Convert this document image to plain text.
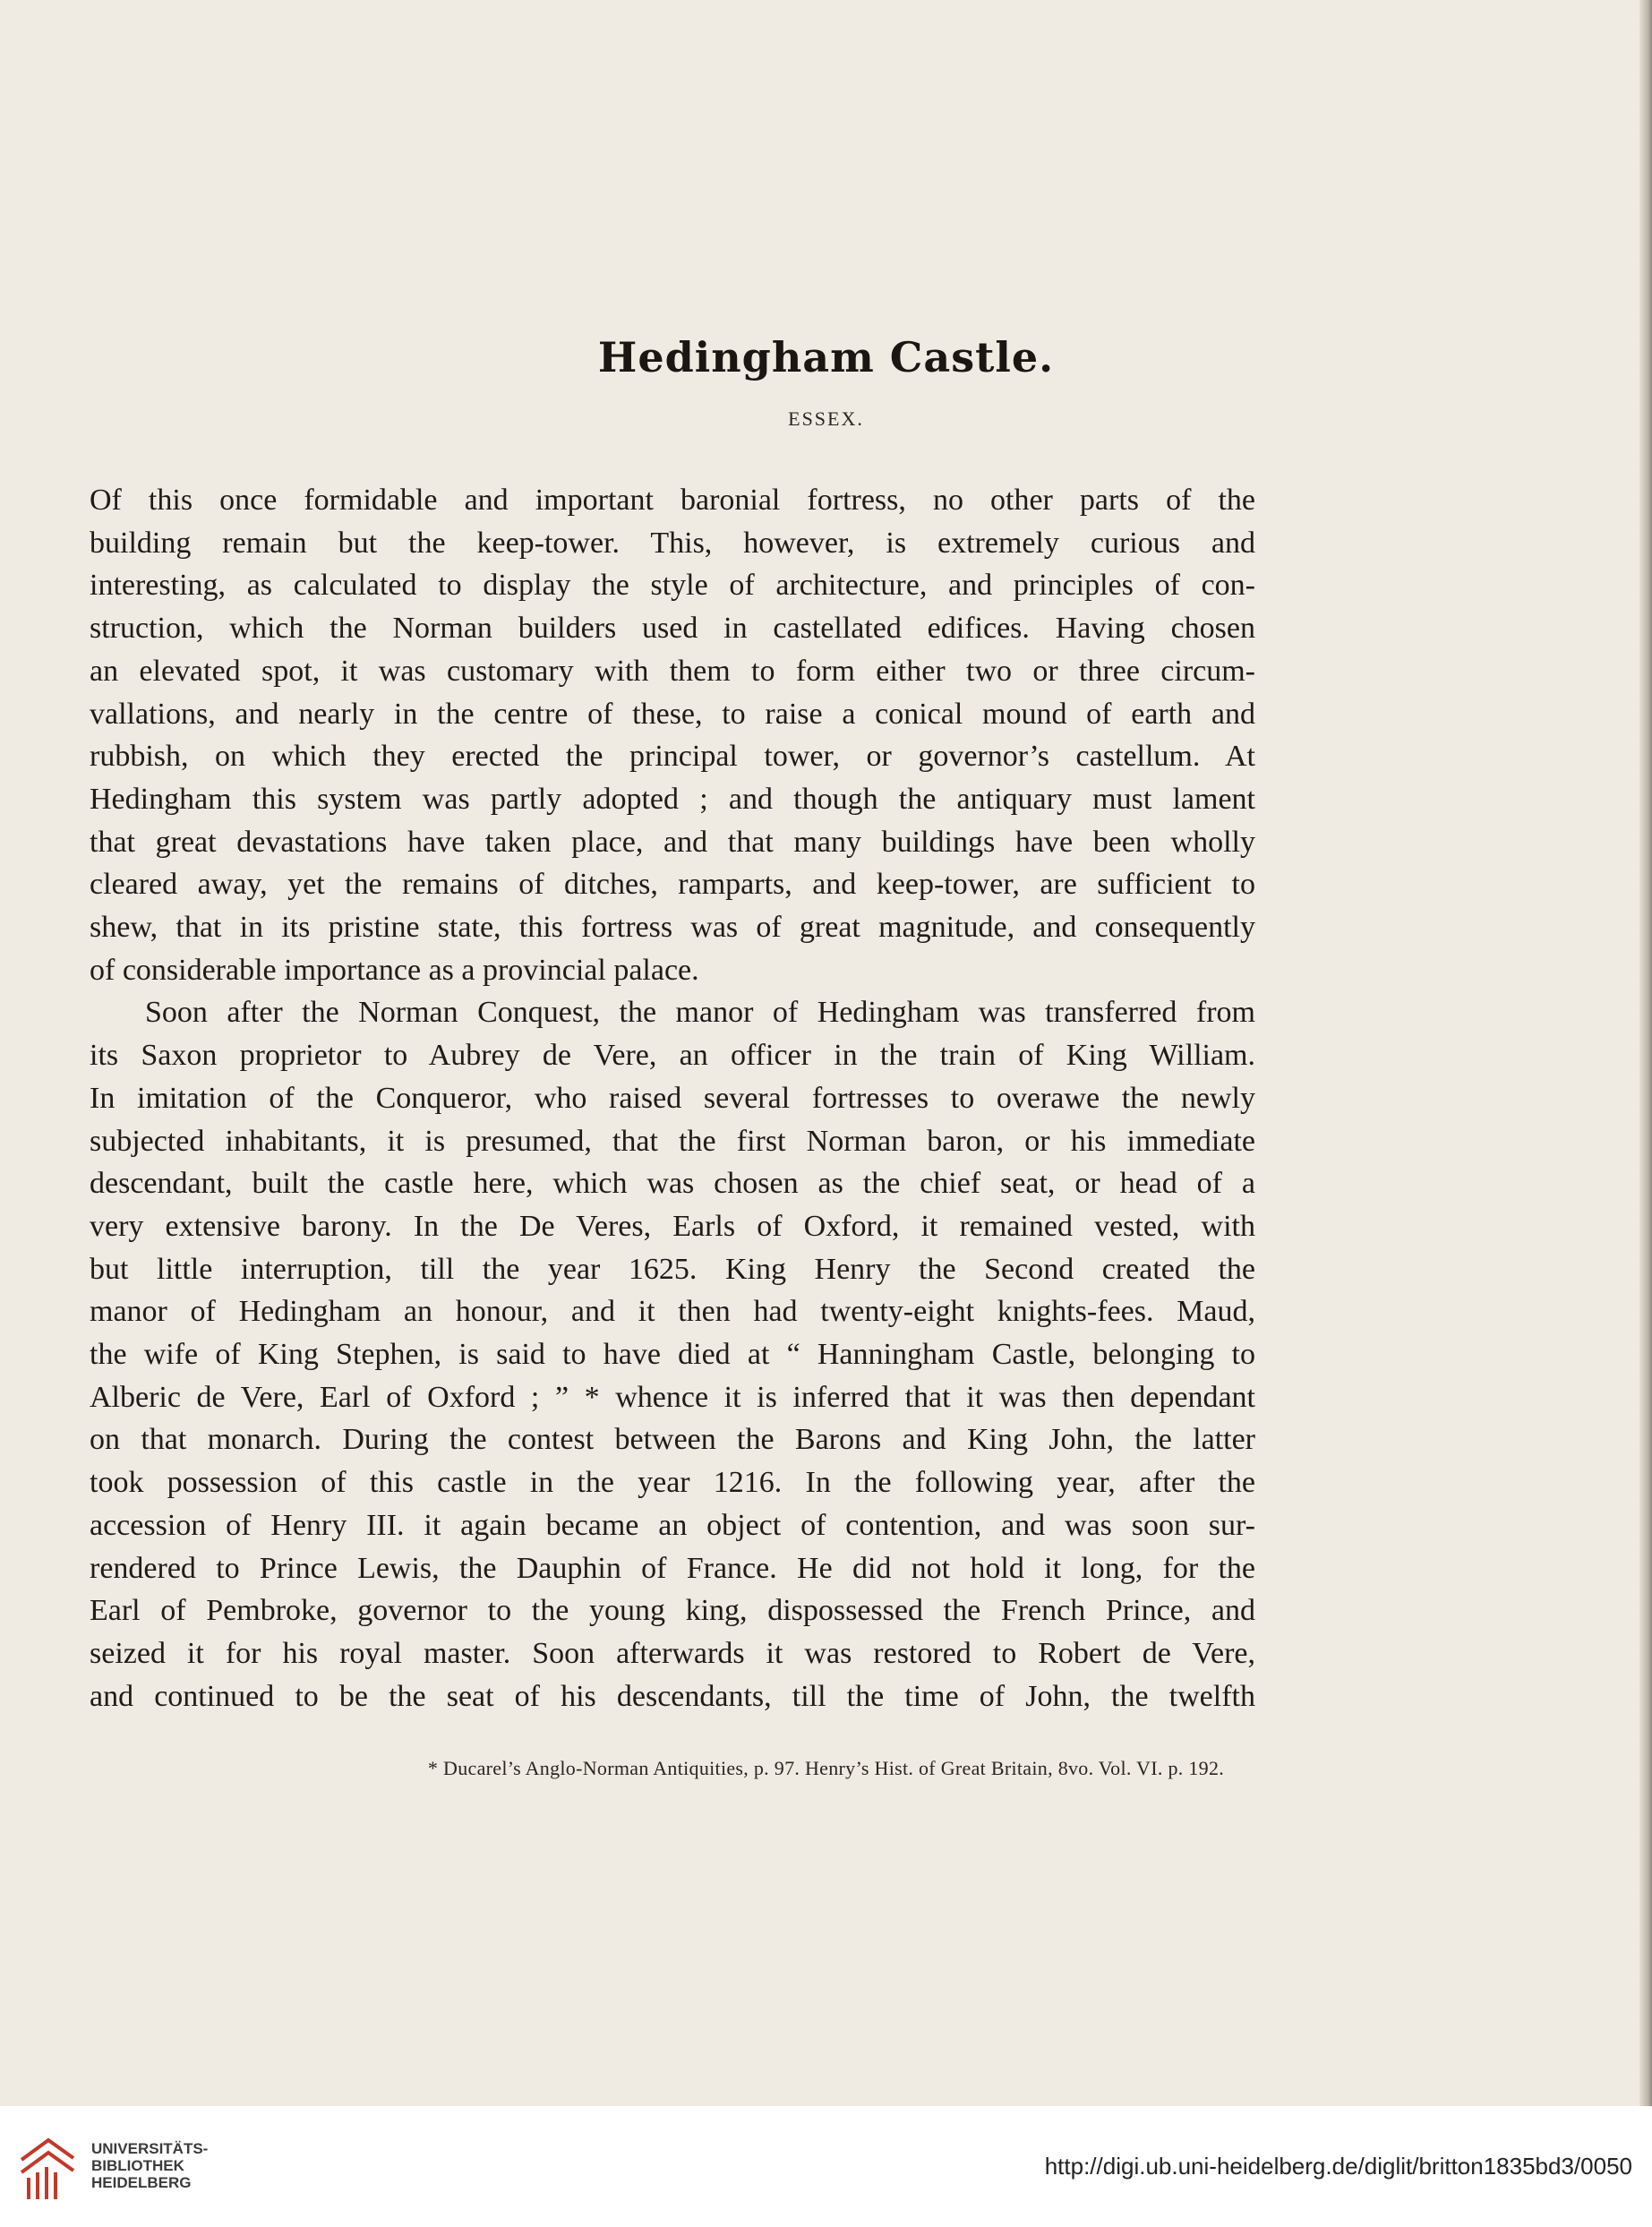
Hedingham Castle.
ESSEX.
Of this once formidable and important baronial fortress, no other parts of the
building remain but the keep-tower. This, however, is extremely curious and
interesting, as calculated to display the style of architecture, and principles of con-
struction, which the Norman builders used in castellated edifices. Having chosen
an elevated spot, it was customary with them to form either two or three circum-
vallations, and nearly in the centre of these, to raise a conical mound of earth and
rubbish, on which they erected the principal tower, or governor’s castellum. At
Hedingham this system was partly adopted ; and though the antiquary must lament
that great devastations have taken place, and that many buildings have been wholly
cleared away, yet the remains of ditches, ramparts, and keep-tower, are sufficient to
shew, that in its pristine state, this fortress was of great magnitude, and consequently
of considerable importance as a provincial palace.
Soon after the Norman Conquest, the manor of Hedingham was transferred from
its Saxon proprietor to Aubrey de Vere, an officer in the train of King William.
In imitation of the Conqueror, who raised several fortresses to overawe the newly
subjected inhabitants, it is presumed, that the first Norman baron, or his immediate
descendant, built the castle here, which was chosen as the chief seat, or head of a
very extensive barony. In the De Veres, Earls of Oxford, it remained vested, with
but little interruption, till the year 1625. King Henry the Second created the
manor of Hedingham an honour, and it then had twenty-eight knights-fees. Maud,
the wife of King Stephen, is said to have died at “ Hanningham Castle, belonging to
Alberic de Vere, Earl of Oxford ; ” * whence it is inferred that it was then dependant
on that monarch. During the contest between the Barons and King John, the latter
took possession of this castle in the year 1216. In the following year, after the
accession of Henry III. it again became an object of contention, and was soon sur-
rendered to Prince Lewis, the Dauphin of France. He did not hold it long, for the
Earl of Pembroke, governor to the young king, dispossessed the French Prince, and
seized it for his royal master. Soon afterwards it was restored to Robert de Vere,
and continued to be the seat of his descendants, till the time of John, the twelfth
* Ducarel’s Anglo-Norman Antiquities, p. 97. Henry’s Hist. of Great Britain, 8vo. Vol. VI. p. 192.
UNIVERSITÄTS-
BIBLIOTHEK
HEIDELBERG
http://digi.ub.uni-heidelberg.de/diglit/britton1835bd3/0050
